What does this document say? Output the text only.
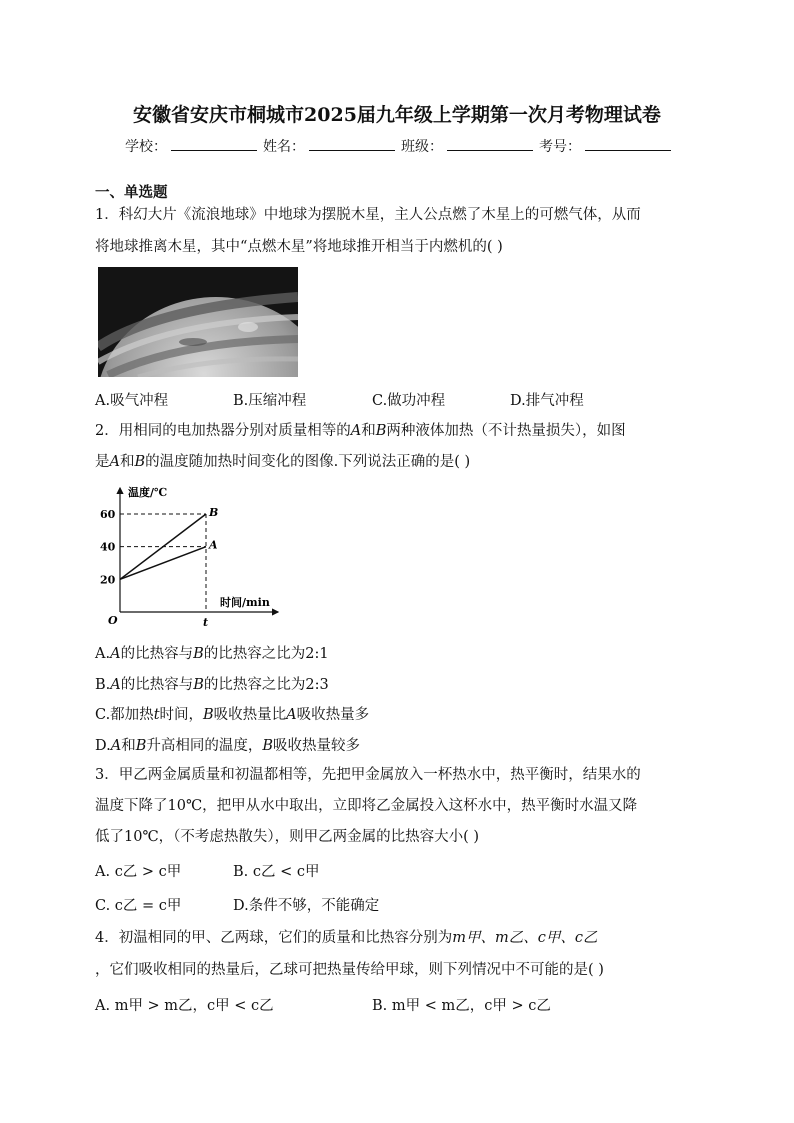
安徽省安庆市桐城市2025届九年级上学期第一次月考物理试卷
学校：	姓名：	班级：	考号：
一、单选题
1．科幻大片《流浪地球》中地球为摆脱木星，主人公点燃了木星上的可燃气体，从而
将地球推离木星，其中“点燃木星”将地球推开相当于内燃机的( )
A.吸气冲程	B.压缩冲程	C.做功冲程	D.排气冲程
2．用相同的电加热器分别对质量相等的A和B两种液体加热（不计热量损失），如图
是A和B的温度随加热时间变化的图像.下列说法正确的是( )
温度/℃
时间/min
O
20
40
60
A
B
t
A.A的比热容与B的比热容之比为2:1
B.A的比热容与B的比热容之比为2:3
C.都加热t时间，B吸收热量比A吸收热量多
D.A和B升高相同的温度，B吸收热量较多
3．甲乙两金属质量和初温都相等，先把甲金属放入一杯热水中，热平衡时，结果水的
温度下降了10℃，把甲从水中取出，立即将乙金属投入这杯水中，热平衡时水温又降
低了10℃，（不考虑热散失），则甲乙两金属的比热容大小( )
A. c乙 > c甲	B. c乙 < c甲
C. c乙 = c甲	D.条件不够，不能确定
4．初温相同的甲、乙两球，它们的质量和比热容分别为m甲、m乙、c甲、c乙
，它们吸收相同的热量后，乙球可把热量传给甲球，则下列情况中不可能的是( )
A. m甲 > m乙，c甲 < c乙	B. m甲 < m乙，c甲 > c乙
